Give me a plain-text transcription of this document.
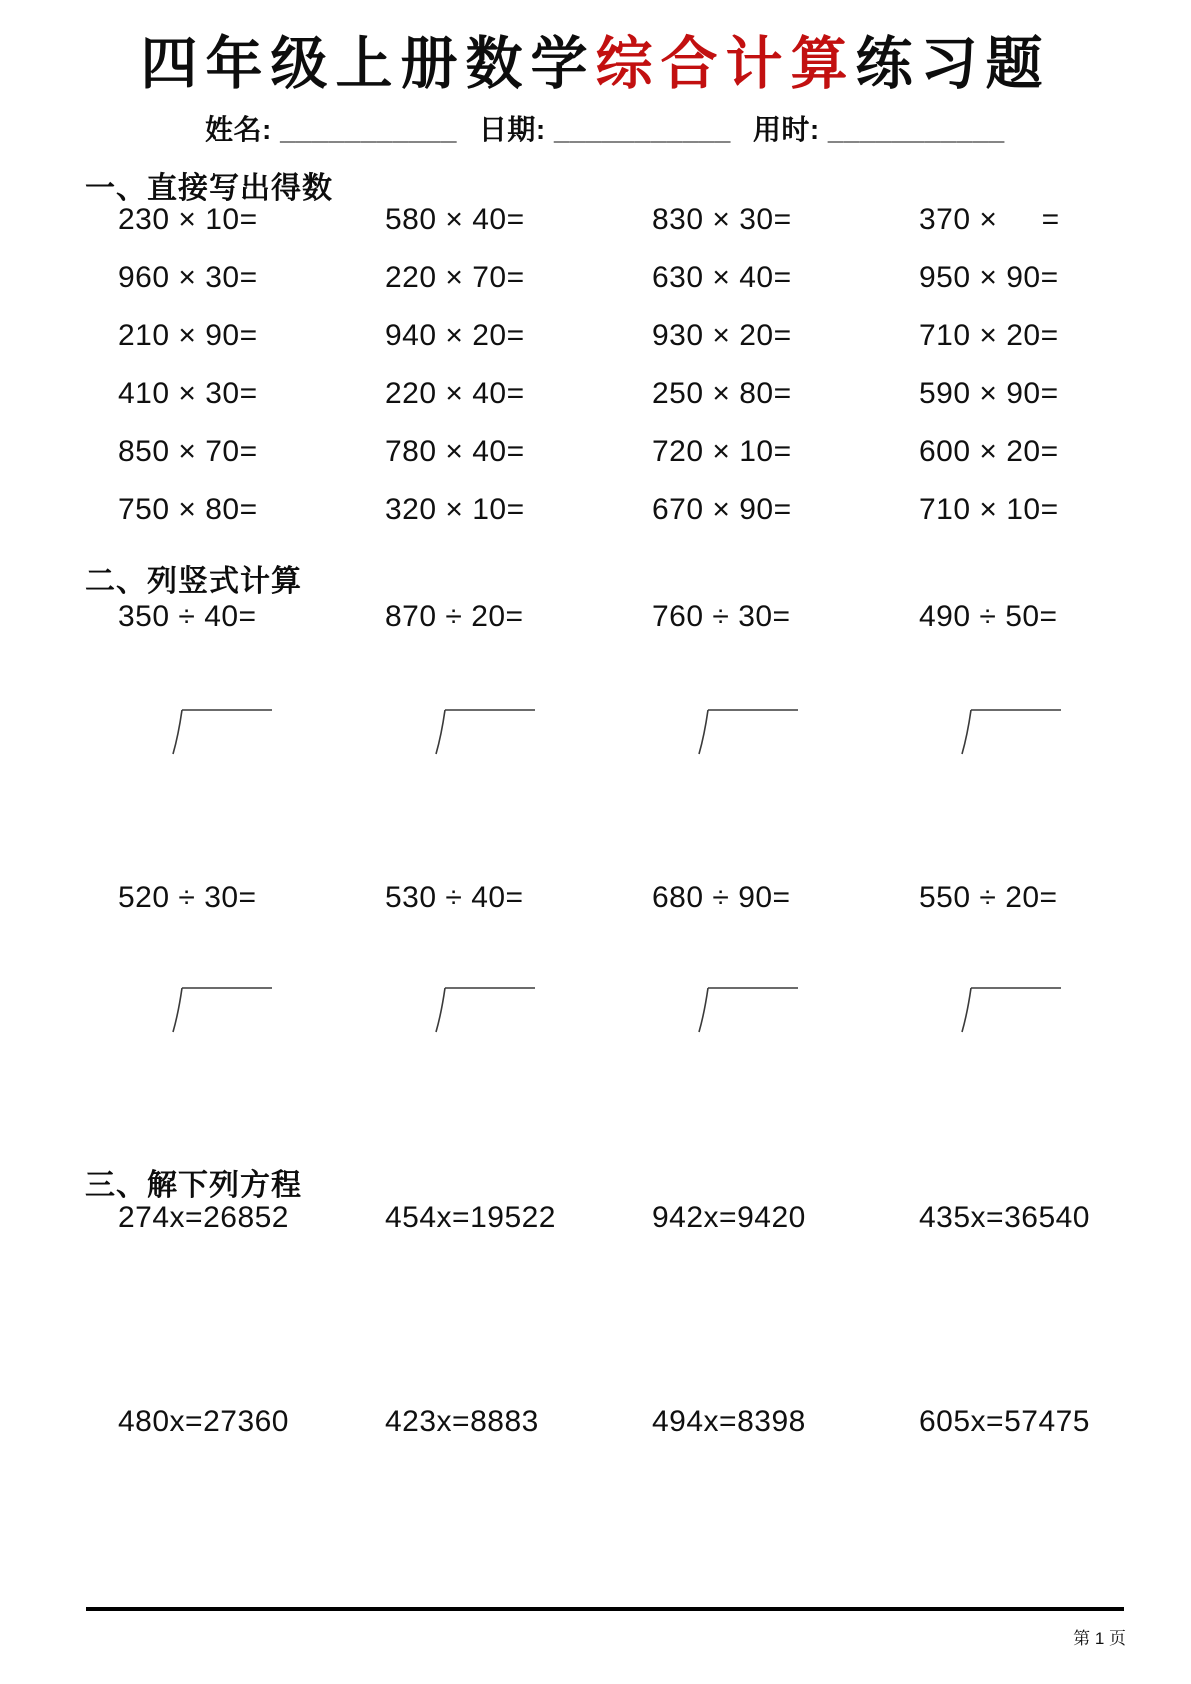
四年级上册数学综合计算练习题
姓名: ___________ 日期: ___________ 用时: ___________
一、直接写出得数
230 × 10=	580 × 40=	830 × 30=	370 ×     =
960 × 30=	220 × 70=	630 × 40=	950 × 90=
210 × 90=	940 × 20=	930 × 20=	710 × 20=
410 × 30=	220 × 40=	250 × 80=	590 × 90=
850 × 70=	780 × 40=	720 × 10=	600 × 20=
750 × 80=	320 × 10=	670 × 90=	710 × 10=
二、列竖式计算
350 ÷ 40=	870 ÷ 20=	760 ÷ 30=	490 ÷ 50=
520 ÷ 30=	530 ÷ 40=	680 ÷ 90=	550 ÷ 20=
三、解下列方程
274x=26852	454x=19522	942x=9420	435x=36540
480x=27360	423x=8883	494x=8398	605x=57475
第 1 页
